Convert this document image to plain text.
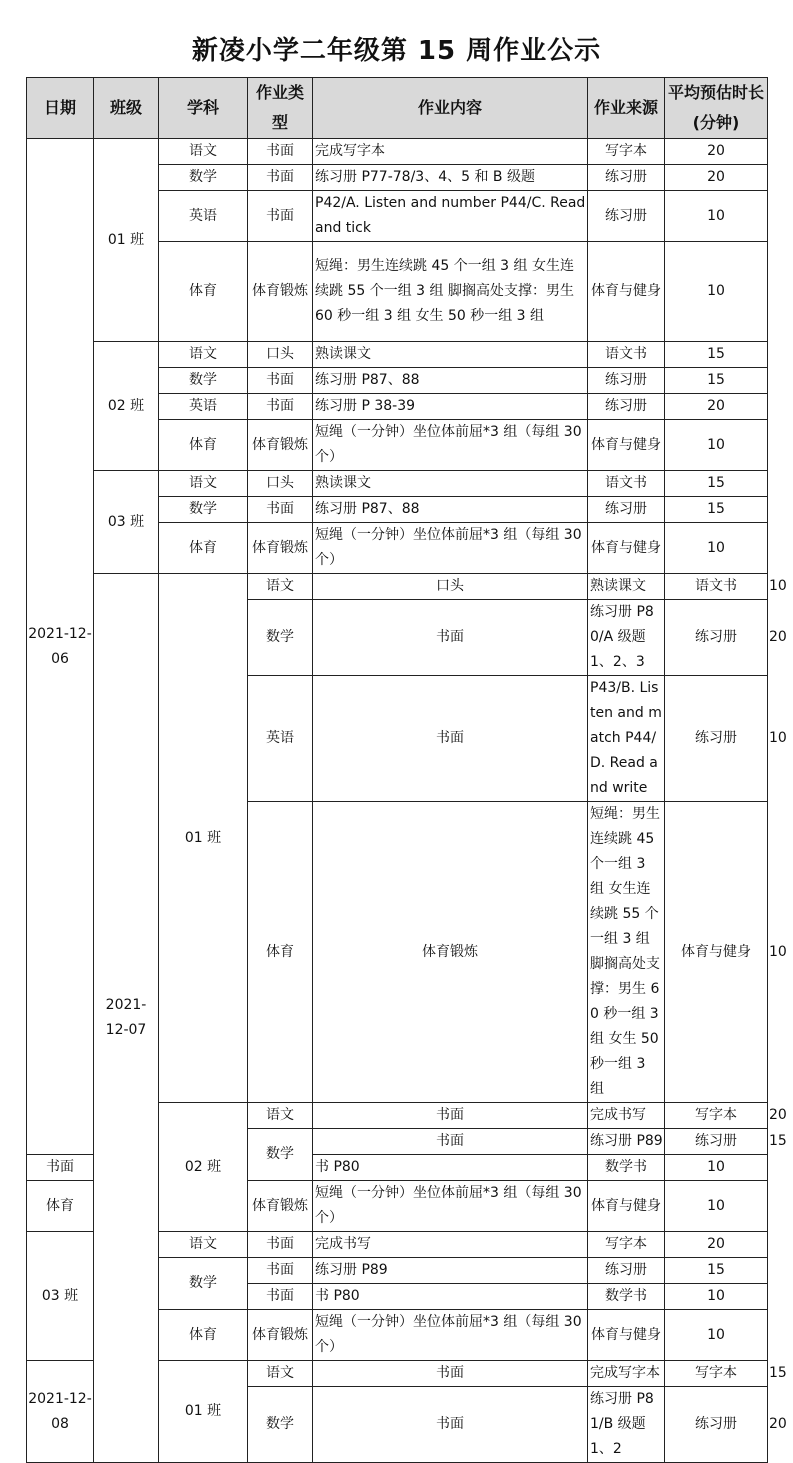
新凌小学二年级第 15 周作业公示
日期	班级	学科	作业类型	作业内容	作业来源	平均预估时长(分钟)	
2021-12-06	01 班	语文	书面	完成写字本	写字本	20	
		数学	书面	练习册 P77-78/3、4、5 和 B 级题	练习册	20	
		英语	书面	P42/A. Listen and number P44/C. Read and tick	练习册	10	
		体育	体育锻炼	短绳：男生连续跳 45 个一组 3 组 女生连续跳 55 个一组 3 组 脚搁高处支撑：男生 60 秒一组 3 组 女生 50 秒一组 3 组	体育与健身	10	
	02 班	语文	口头	熟读课文	语文书	15	
		数学	书面	练习册 P87、88	练习册	15	
		英语	书面	练习册 P 38-39	练习册	20	
		体育	体育锻炼	短绳（一分钟）坐位体前屈*3 组（每组 30 个）	体育与健身	10	
	03 班	语文	口头	熟读课文	语文书	15	
		数学	书面	练习册 P87、88	练习册	15	
		体育	体育锻炼	短绳（一分钟）坐位体前屈*3 组（每组 30 个）	体育与健身	10	
	2021-12-07	01 班	语文	口头	熟读课文	语文书	10
			数学	书面	练习册 P80/A 级题 1、2、3	练习册	20
			英语	书面	P43/B. Listen and match P44/D. Read and write	练习册	10
			体育	体育锻炼	短绳：男生连续跳 45 个一组 3 组 女生连续跳 55 个一组 3 组 脚搁高处支撑：男生 60 秒一组 3 组 女生 50 秒一组 3 组	体育与健身	10
		02 班	语文	书面	完成书写	写字本	20
			数学	书面	练习册 P89	练习册	15
书面				书 P80	数学书	10	
体育			体育锻炼	短绳（一分钟）坐位体前屈*3 组（每组 30 个）	体育与健身	10	
03 班		语文	书面	完成书写	写字本	20	
		数学	书面	练习册 P89	练习册	15	
			书面	书 P80	数学书	10	
		体育	体育锻炼	短绳（一分钟）坐位体前屈*3 组（每组 30 个）	体育与健身	10	
2021-12-08		01 班	语文	书面	完成写字本	写字本	15
			数学	书面	练习册 P81/B 级题 1、2	练习册	20
